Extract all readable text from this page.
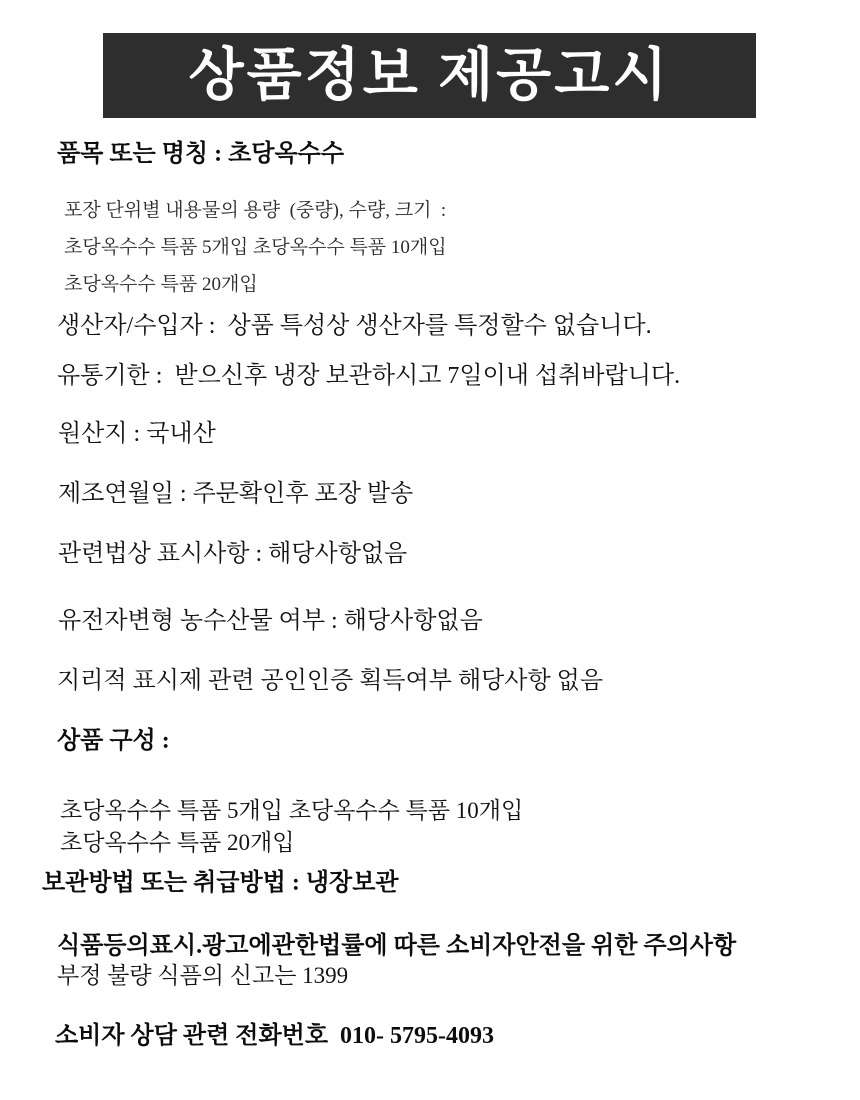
상품정보 제공고시
품목 또는 명칭 : 초당옥수수
포장 단위별 내용물의 용량  (중량), 수량, 크기  :
초당옥수수 특품 5개입 초당옥수수 특품 10개입
초당옥수수 특품 20개입
생산자/수입자 :  상품 특성상 생산자를 특정할수 없습니다.
유통기한 :  받으신후 냉장 보관하시고 7일이내 섭취바랍니다.
원산지 : 국내산
제조연월일 : 주문확인후 포장 발송
관련법상 표시사항 : 해당사항없음
유전자변형 농수산물 여부 : 해당사항없음
지리적 표시제 관련 공인인증 획득여부 해당사항 없음
상품 구성 :
초당옥수수 특품 5개입 초당옥수수 특품 10개입
초당옥수수 특품 20개입
보관방법 또는 취급방법 : 냉장보관
식품등의표시.광고에관한법률에 따른 소비자안전을 위한 주의사항
부정 불량 식픔의 신고는 1399
소비자 상담 관련 전화번호  010- 5795-4093
